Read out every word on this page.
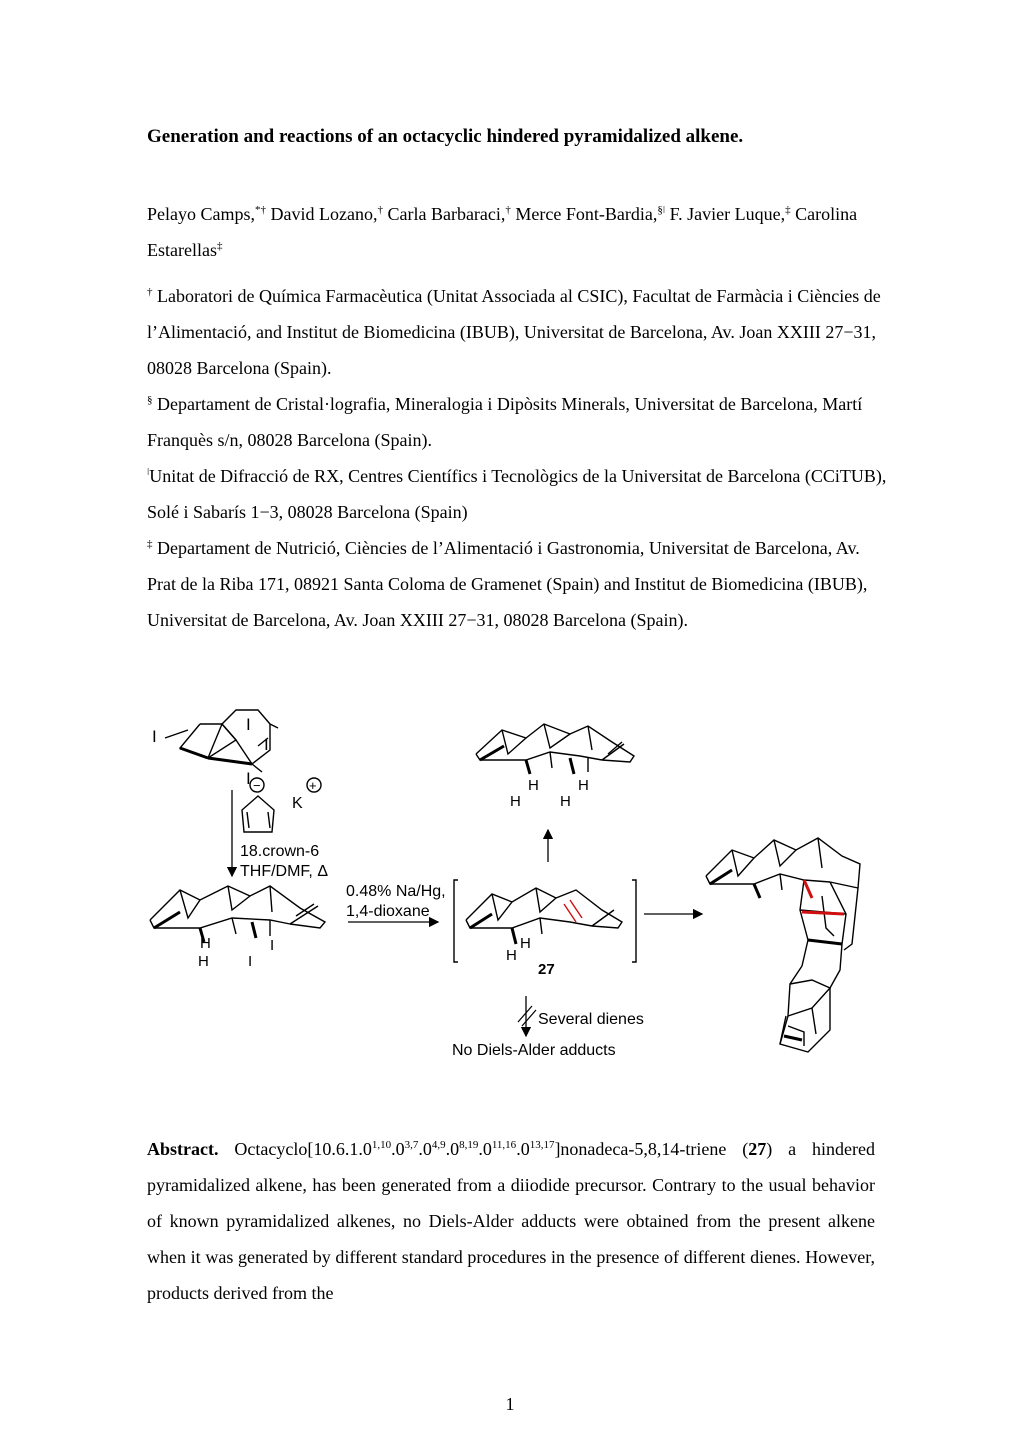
Generation and reactions of an octacyclic hindered pyramidalized alkene.
Pelayo Camps,*† David Lozano,† Carla Barbaraci,† Merce Font-Bardia,$^{\S ǀ}$ F. Javier Luque,‡ Carolina Estarellas‡
† Laboratori de Química Farmacèutica (Unitat Associada al CSIC), Facultat de Farmàcia i Ciències de l’Alimentació, and Institut de Biomedicina (IBUB), Universitat de Barcelona, Av. Joan XXIII 27−31, 08028 Barcelona (Spain).
§ Departament de Cristal·lografia, Mineralogia i Dipòsits Minerals, Universitat de Barcelona, Martí Franquès s/n, 08028 Barcelona (Spain).
$^ǀ$Unitat de Difracció de RX, Centres Científics i Tecnològics de la Universitat de Barcelona (CCiTUB), Solé i Sabarís 1−3, 08028 Barcelona (Spain)
‡ Departament de Nutrició, Ciències de l’Alimentació i Gastronomia, Universitat de Barcelona, Av. Prat de la Riba 171, 08921 Santa Coloma de Gramenet (Spain) and Institut de Biomedicina (IBUB), Universitat de Barcelona, Av. Joan XXIII 27−31, 08028 Barcelona (Spain).
I
I
I
I −	+
K
18.crown-6
THF/DMF, Δ
H
H
I
I
0.48% Na/Hg,
1,4-dioxane
H
H
27
H
H
H
H
Several dienes
No Diels-Alder adducts
Abstract. Octacyclo[10.6.1.0$^{1,10}$.0$^{3,7}$.0$^{4,9}$.0$^{8,19}$.0$^{11,16}$.0$^{13,17}$]nonadeca-5,8,14-triene (27) a hindered pyramidalized alkene, has been generated from a diiodide precursor. Contrary to the usual behavior of known pyramidalized alkenes, no Diels-Alder adducts were obtained from the present alkene when it was generated by different standard procedures in the presence of different dienes. However, products derived from the
1
